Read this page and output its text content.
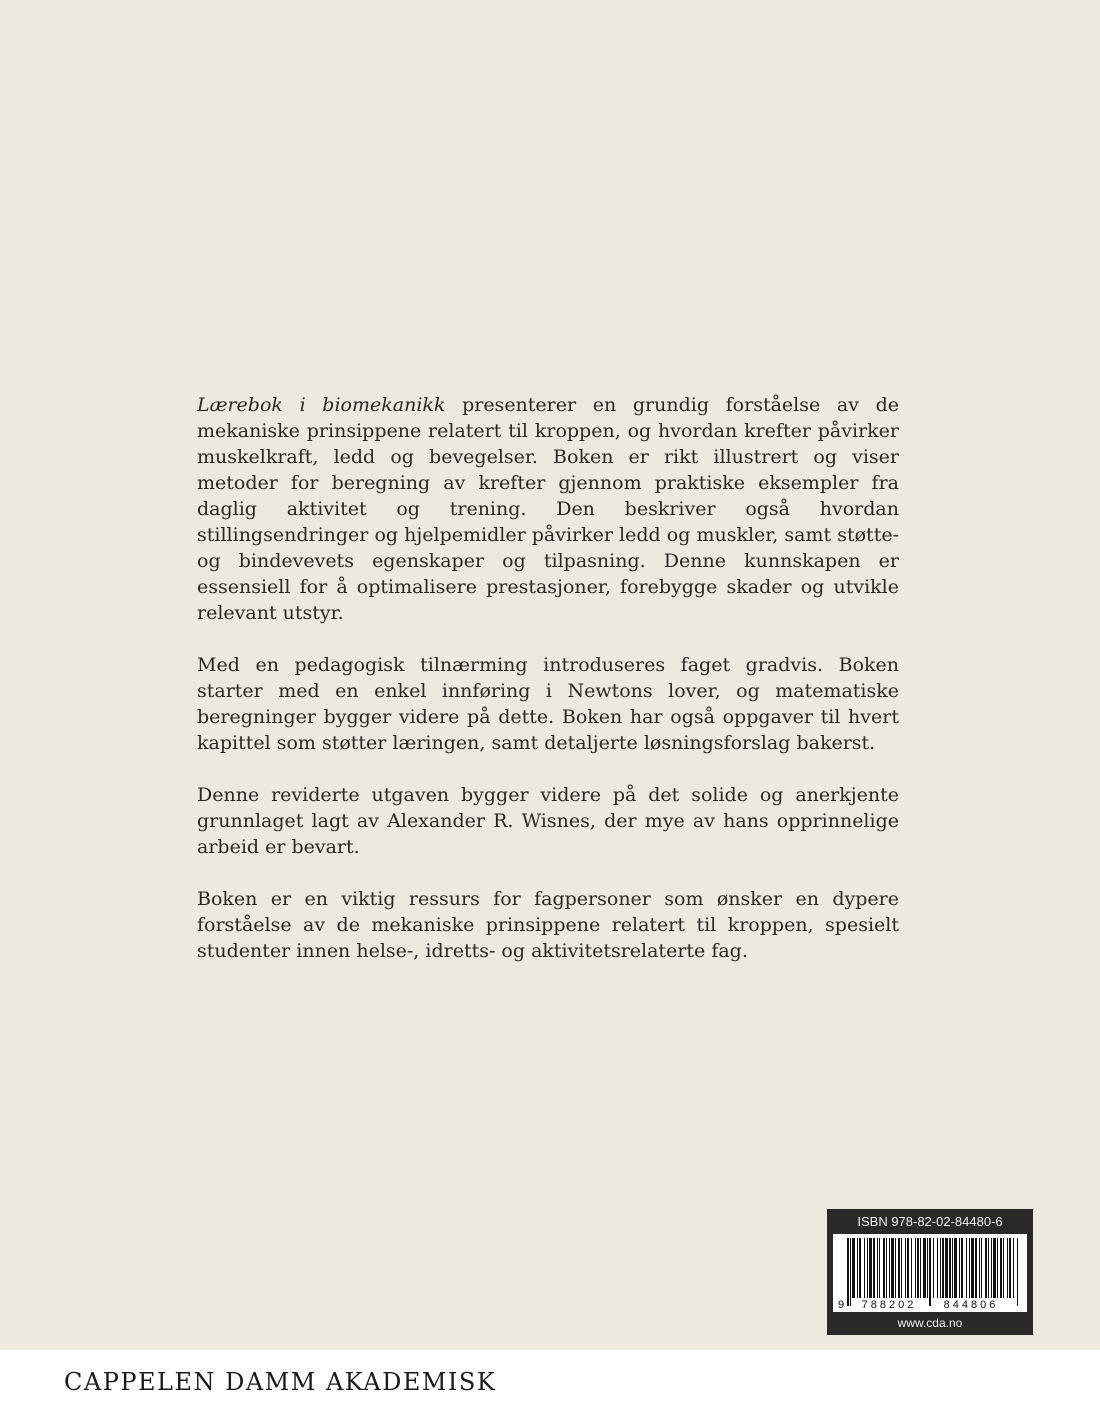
Lærebok i biomekanikk presenterer en grundig forståelse av de mekaniske prinsippene relatert til kroppen, og hvordan krefter påvirker muskelkraft, ledd og bevegelser. Boken er rikt illustrert og viser metoder for beregning av krefter gjennom praktiske eksempler fra daglig aktivitet og trening. Den beskriver også hvordan stillingsendringer og hjelpemidler påvirker ledd og muskler, samt støtte- og bindevevets egenskaper og tilpasning. Denne kunnskapen er essensiell for å optimalisere prestasjoner, forebygge skader og utvikle relevant utstyr.

Med en pedagogisk tilnærming introduseres faget gradvis. Boken starter med en enkel innføring i Newtons lover, og matematiske beregninger bygger videre på dette. Boken har også oppgaver til hvert kapittel som støtter læringen, samt detaljerte løsningsforslag bakerst.

Denne reviderte utgaven bygger videre på det solide og anerkjente grunnlaget lagt av Alexander R. Wisnes, der mye av hans opprinnelige arbeid er bevart.

Boken er en viktig ressurs for fagpersoner som ønsker en dypere forståelse av de mekaniske prinsippene relatert til kroppen, spesielt studenter innen helse-, idretts- og aktivitetsrelaterte fag.

ISBN 978-82-02-84480-6
9 788202 844806
www.cda.no
CAPPELEN DAMM AKADEMISK
